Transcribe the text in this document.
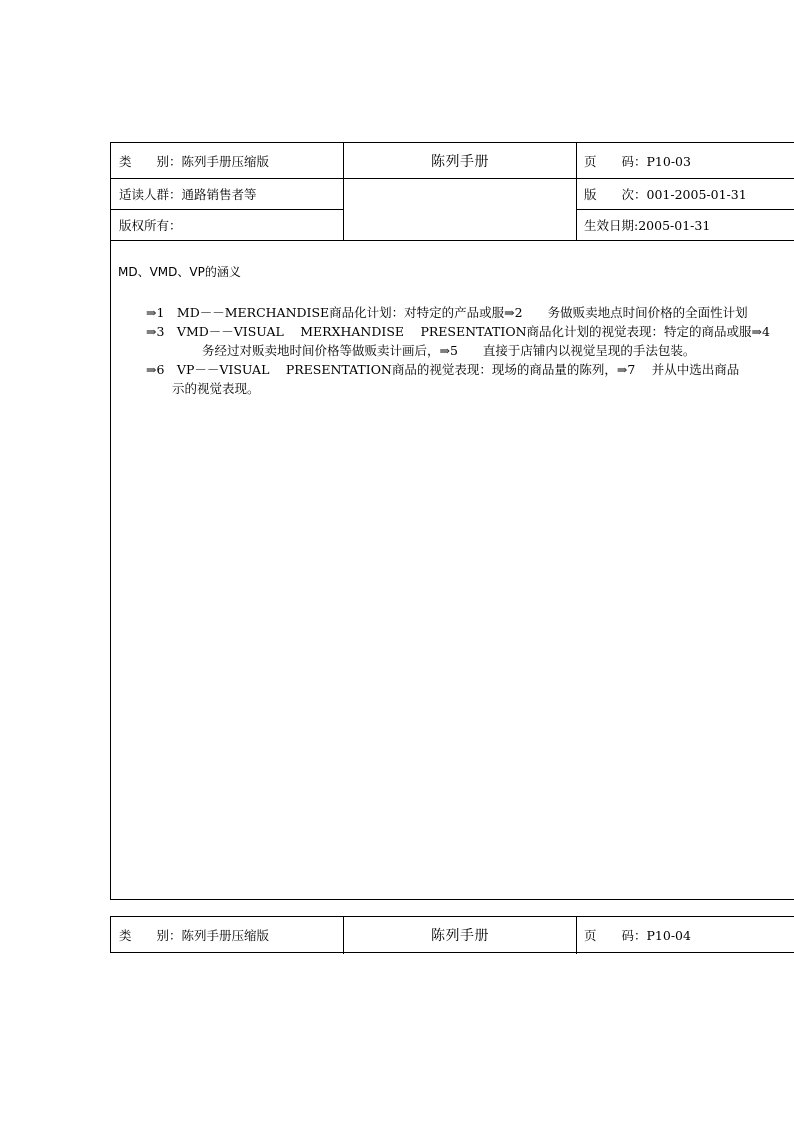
类　　别：陈列手册压缩版	陈列手册	页　　码：P10-03
适读人群：通路销售者等	版　　次：001-2005-01-31
版权所有：	生效日期:2005-01-31
MD、VMD、VP的涵义
⇒1　MD－－MERCHANDISE商品化计划：对特定的产品或服⇒2　　务做贩卖地点时间价格的全面性计划
⇒3　VMD－－VISUAL　 MERXHANDISE　 PRESENTATION商品化计划的视觉表现：特定的商品或服⇒4
务经过对贩卖地时间价格等做贩卖计画后，⇒5　　直接于店铺内以视觉呈现的手法包装。
⇒6　VP－－VISUAL　 PRESENTATION商品的视觉表现：现场的商品量的陈列，⇒7　 并从中选出商品
示的视觉表现。
类　　别：陈列手册压缩版	陈列手册	页　　码：P10-04
